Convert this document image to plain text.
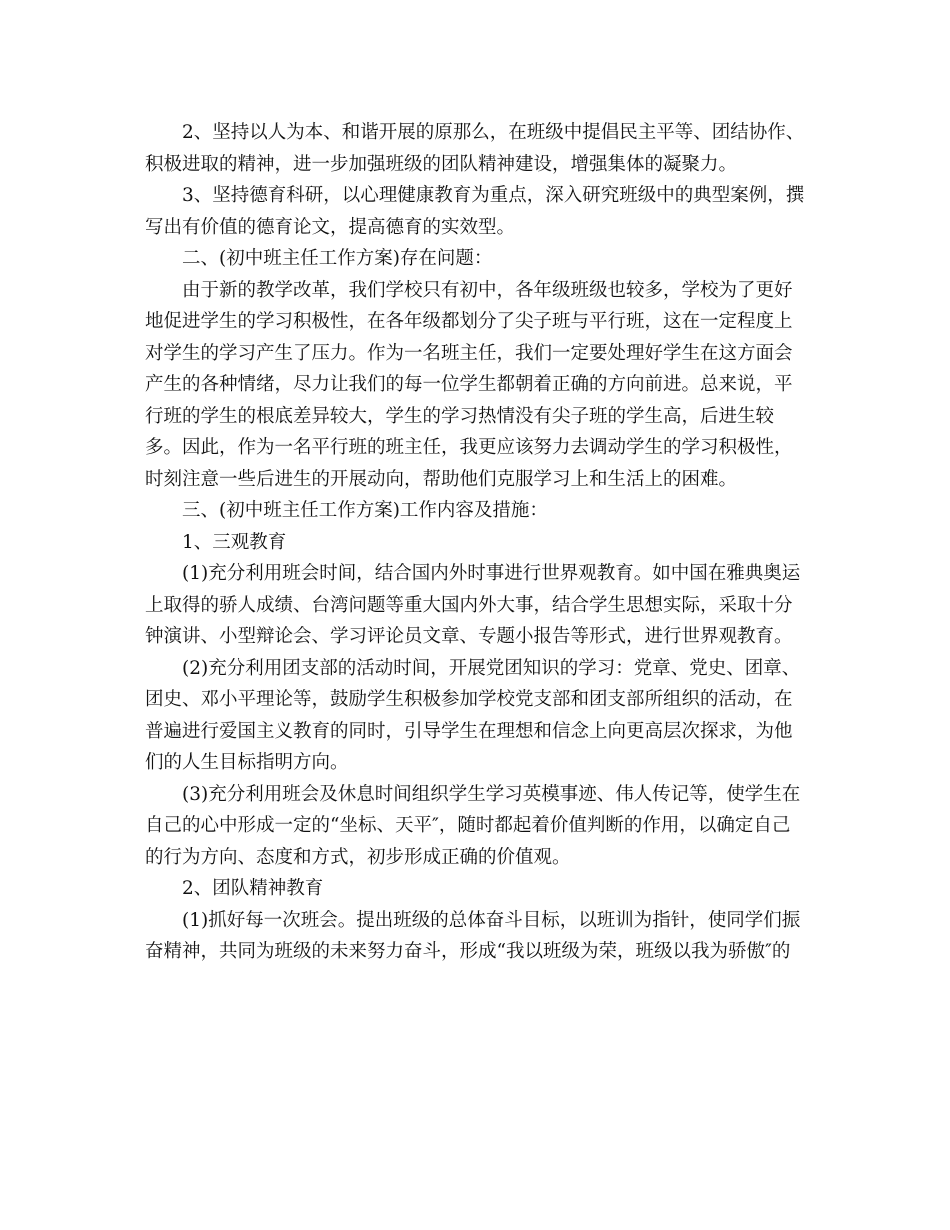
2、坚持以人为本、和谐开展的原那么，在班级中提倡民主平等、团结协作、积极进取的精神，进一步加强班级的团队精神建设，增强集体的凝聚力。

3、坚持德育科研，以心理健康教育为重点，深入研究班级中的典型案例，撰写出有价值的德育论文，提高德育的实效型。

二、(初中班主任工作方案)存在问题：

由于新的教学改革，我们学校只有初中，各年级班级也较多，学校为了更好地促进学生的学习积极性，在各年级都划分了尖子班与平行班，这在一定程度上对学生的学习产生了压力。作为一名班主任，我们一定要处理好学生在这方面会产生的各种情绪，尽力让我们的每一位学生都朝着正确的方向前进。总来说，平行班的学生的根底差异较大，学生的学习热情没有尖子班的学生高，后进生较多。因此，作为一名平行班的班主任，我更应该努力去调动学生的学习积极性，时刻注意一些后进生的开展动向，帮助他们克服学习上和生活上的困难。

三、(初中班主任工作方案)工作内容及措施：

1、三观教育

(1)充分利用班会时间，结合国内外时事进行世界观教育。如中国在雅典奥运上取得的骄人成绩、台湾问题等重大国内外大事，结合学生思想实际，采取十分钟演讲、小型辩论会、学习评论员文章、专题小报告等形式，进行世界观教育。

(2)充分利用团支部的活动时间，开展党团知识的学习：党章、党史、团章、团史、邓小平理论等，鼓励学生积极参加学校党支部和团支部所组织的活动，在普遍进行爱国主义教育的同时，引导学生在理想和信念上向更高层次探求，为他们的人生目标指明方向。

(3)充分利用班会及休息时间组织学生学习英模事迹、伟人传记等，使学生在自己的心中形成一定的“坐标、天平″，随时都起着价值判断的作用，以确定自己的行为方向、态度和方式，初步形成正确的价值观。

2、团队精神教育

(1)抓好每一次班会。提出班级的总体奋斗目标，以班训为指针，使同学们振奋精神，共同为班级的未来努力奋斗，形成“我以班级为荣，班级以我为骄傲″的
